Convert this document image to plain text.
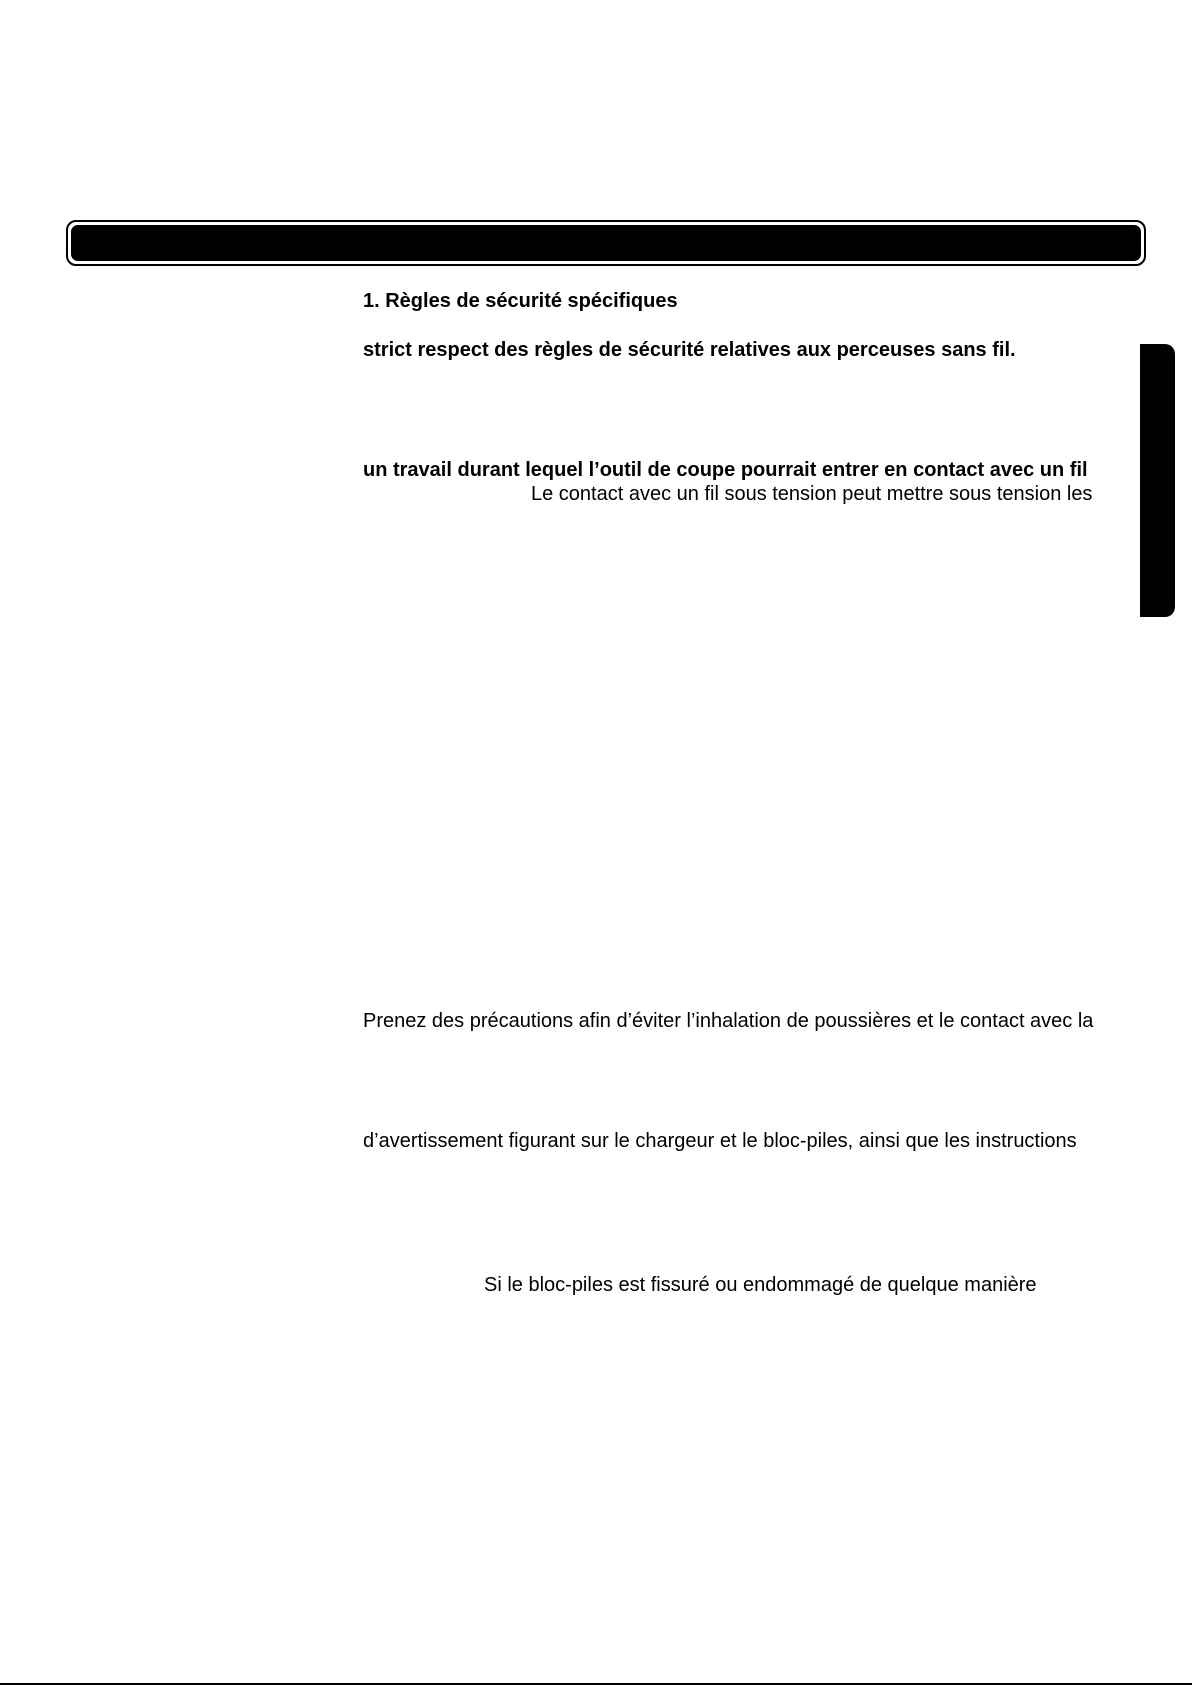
1. Règles de sécurité spécifiques
strict respect des règles de sécurité relatives aux perceuses sans fil.
un travail durant lequel l’outil de coupe pourrait entrer en contact avec un fil
Le contact avec un fil sous tension peut mettre sous tension les
Prenez des précautions afin d’éviter l’inhalation de poussières et le contact avec la
d’avertissement figurant sur le chargeur et le bloc-piles, ainsi que les instructions
Si le bloc-piles est fissuré ou endommagé de quelque manière
